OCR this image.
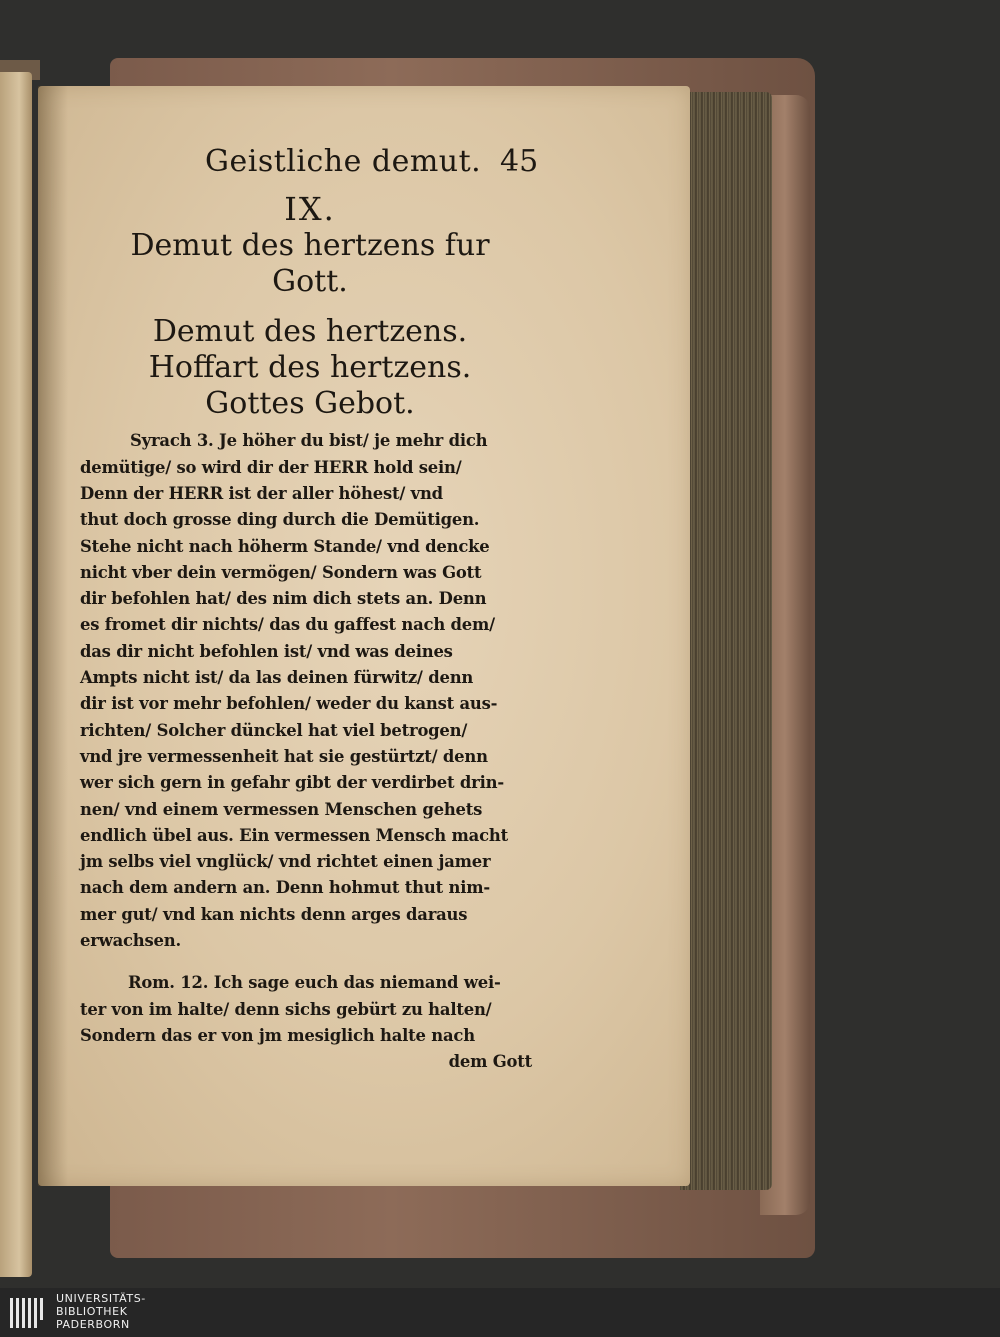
Geistliche demut. 45

IX.

Demut des hertzens fur

Gott.

Demut des hertzens.

Hoffart des hertzens.

Gottes Gebot.

Syrach 3. Je höher du bist/ je mehr dich
demütige/ so wird dir der HERR hold sein/
Denn der HERR ist der aller höhest/ vnd
thut doch grosse ding durch die Demütigen.
Stehe nicht nach höherm Stande/ vnd dencke
nicht vber dein vermögen/ Sondern was Gott
dir befohlen hat/ des nim dich stets an. Denn
es fromet dir nichts/ das du gaffest nach dem/
das dir nicht befohlen ist/ vnd was deines
Ampts nicht ist/ da las deinen fürwitz/ denn
dir ist vor mehr befohlen/ weder du kanst aus-
richten/ Solcher dünckel hat viel betrogen/
vnd jre vermessenheit hat sie gestürtzt/ denn
wer sich gern in gefahr gibt der verdirbet drin-
nen/ vnd einem vermessen Menschen gehets
endlich übel aus. Ein vermessen Mensch macht
jm selbs viel vnglück/ vnd richtet einen jamer
nach dem andern an. Denn hohmut thut nim-
mer gut/ vnd kan nichts denn arges daraus
erwachsen.
Rom. 12. Ich sage euch das niemand wei-
ter von im halte/ denn sichs gebürt zu halten/
Sondern das er von jm mesiglich halte nach
dem Gott
UNIVERSITÄTS-
BIBLIOTHEK
PADERBORN
